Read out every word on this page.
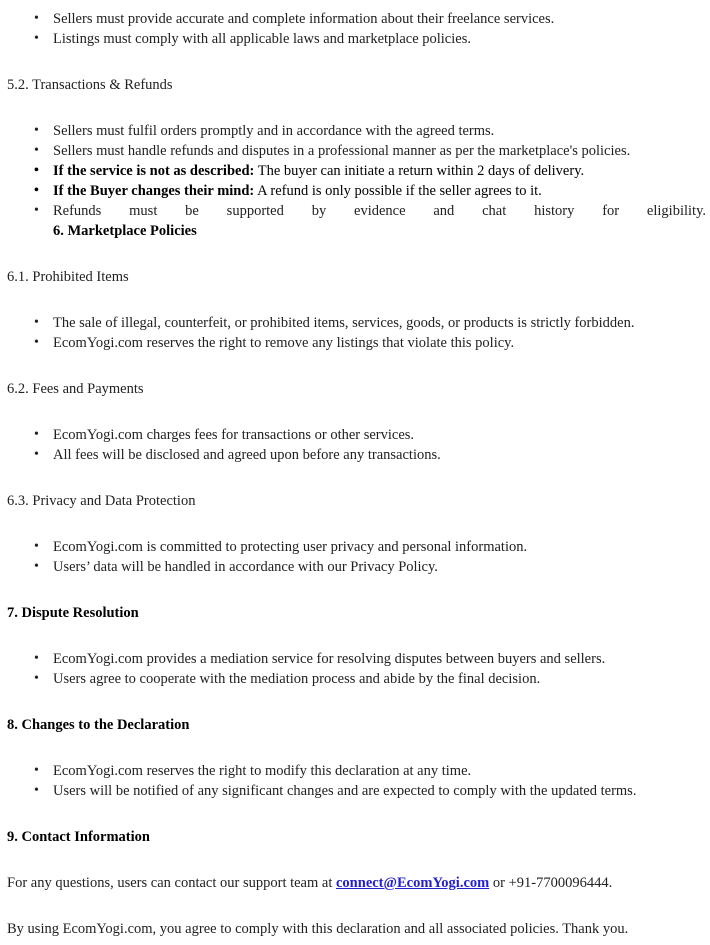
• Sellers must provide accurate and complete information about their freelance services.
• Listings must comply with all applicable laws and marketplace policies.
5.2. Transactions & Refunds
• Sellers must fulfil orders promptly and in accordance with the agreed terms.
• Sellers must handle refunds and disputes in a professional manner as per the marketplace's policies.
• If the service is not as described: The buyer can initiate a return within 2 days of delivery.
• If the Buyer changes their mind: A refund is only possible if the seller agrees to it.
• Refunds must be supported by evidence and chat history for eligibility.
6. Marketplace Policies
6.1. Prohibited Items
• The sale of illegal, counterfeit, or prohibited items, services, goods, or products is strictly forbidden.
• EcomYogi.com reserves the right to remove any listings that violate this policy.
6.2. Fees and Payments
• EcomYogi.com charges fees for transactions or other services.
• All fees will be disclosed and agreed upon before any transactions.
6.3. Privacy and Data Protection
• EcomYogi.com is committed to protecting user privacy and personal information.
• Users’ data will be handled in accordance with our Privacy Policy.
7. Dispute Resolution
• EcomYogi.com provides a mediation service for resolving disputes between buyers and sellers.
• Users agree to cooperate with the mediation process and abide by the final decision.
8. Changes to the Declaration
• EcomYogi.com reserves the right to modify this declaration at any time.
• Users will be notified of any significant changes and are expected to comply with the updated terms.
9. Contact Information
For any questions, users can contact our support team at connect@EcomYogi.com or +91-7700096444.
By using EcomYogi.com, you agree to comply with this declaration and all associated policies. Thank you.
